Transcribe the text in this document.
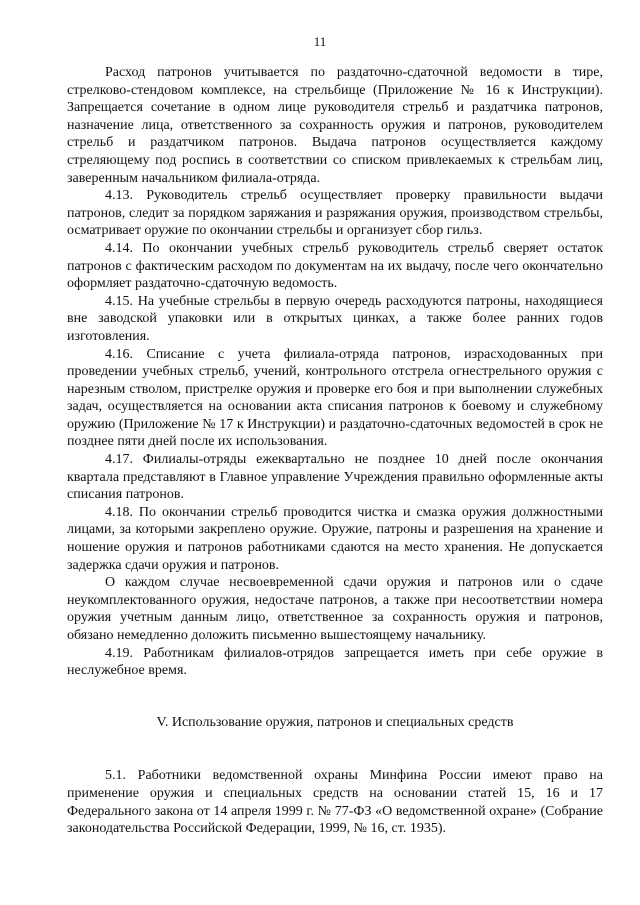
11

Расход патронов учитывается по раздаточно-сдаточной ведомости в тире, стрелково-стендовом комплексе, на стрельбище (Приложение № 16 к Инструкции). Запрещается сочетание в одном лице руководителя стрельб и раздатчика патронов, назначение лица, ответственного за сохранность оружия и патронов, руководителем стрельб и раздатчиком патронов. Выдача патронов осуществляется каждому стреляющему под роспись в соответствии со списком привлекаемых к стрельбам лиц, заверенным начальником филиала-отряда.

4.13. Руководитель стрельб осуществляет проверку правильности выдачи патронов, следит за порядком заряжания и разряжания оружия, производством стрельбы, осматривает оружие по окончании стрельбы и организует сбор гильз.

4.14. По окончании учебных стрельб руководитель стрельб сверяет остаток патронов с фактическим расходом по документам на их выдачу, после чего окончательно оформляет раздаточно-сдаточную ведомость.

4.15. На учебные стрельбы в первую очередь расходуются патроны, находящиеся вне заводской упаковки или в открытых цинках, а также более ранних годов изготовления.

4.16. Списание с учета филиала-отряда патронов, израсходованных при проведении учебных стрельб, учений, контрольного отстрела огнестрельного оружия с нарезным стволом, пристрелке оружия и проверке его боя и при выполнении служебных задач, осуществляется на основании акта списания патронов к боевому и служебному оружию (Приложение № 17 к Инструкции) и раздаточно-сдаточных ведомостей в срок не позднее пяти дней после их использования.

4.17. Филиалы-отряды ежеквартально не позднее 10 дней после окончания квартала представляют в Главное управление Учреждения правильно оформленные акты списания патронов.

4.18. По окончании стрельб проводится чистка и смазка оружия должностными лицами, за которыми закреплено оружие. Оружие, патроны и разрешения на хранение и ношение оружия и патронов работниками сдаются на место хранения. Не допускается задержка сдачи оружия и патронов.

О каждом случае несвоевременной сдачи оружия и патронов или о сдаче неукомплектованного оружия, недостаче патронов, а также при несоответствии номера оружия учетным данным лицо, ответственное за сохранность оружия и патронов, обязано немедленно доложить письменно вышестоящему начальнику.

4.19. Работникам филиалов-отрядов запрещается иметь при себе оружие в неслужебное время.

V. Использование оружия, патронов и специальных средств

5.1. Работники ведомственной охраны Минфина России имеют право на применение оружия и специальных средств на основании статей 15, 16 и 17 Федерального закона от 14 апреля 1999 г. № 77-ФЗ «О ведомственной охране» (Собрание законодательства Российской Федерации, 1999, № 16, ст. 1935).
